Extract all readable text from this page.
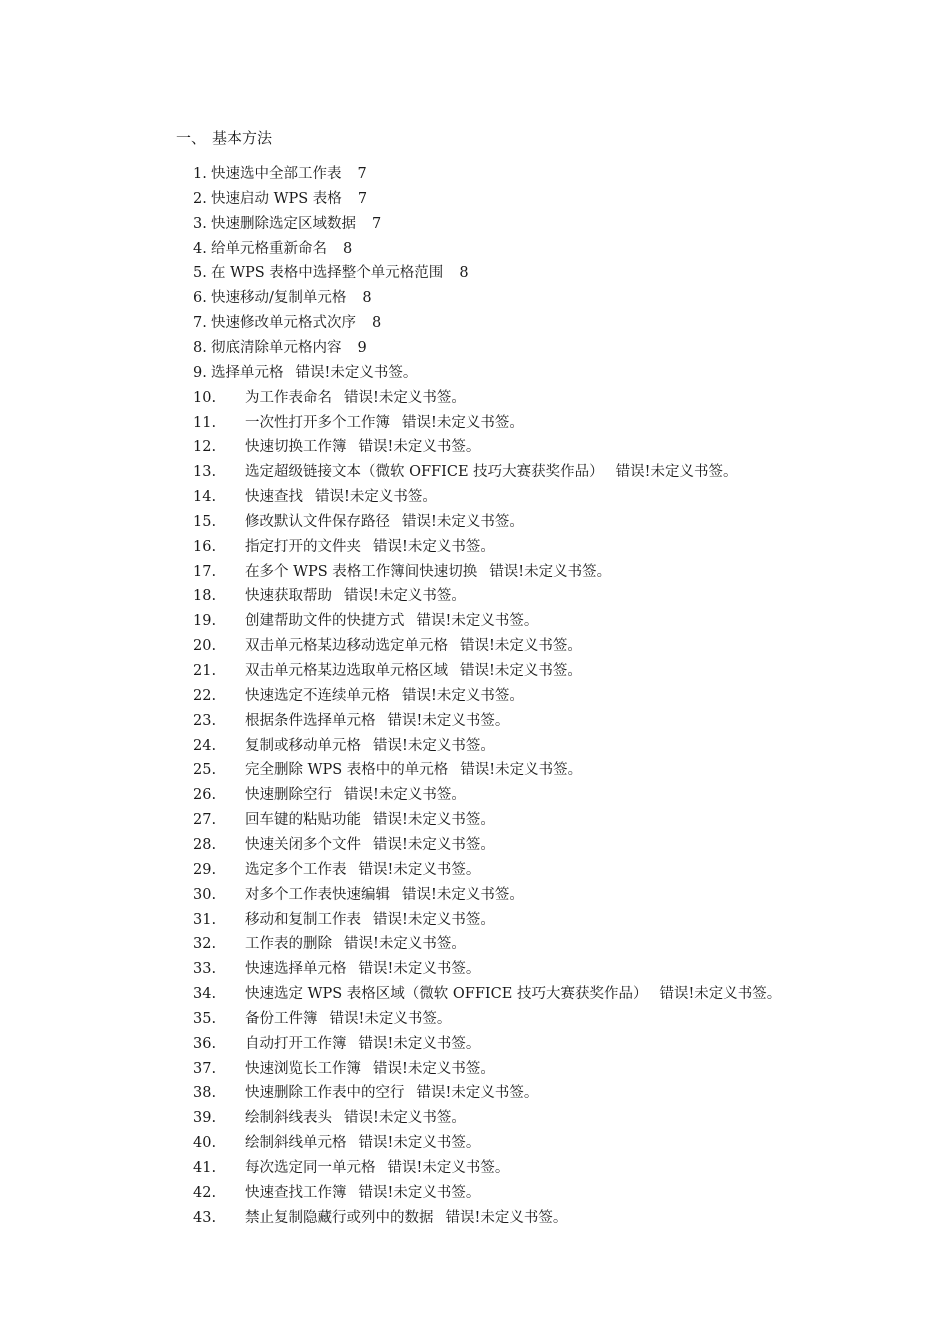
一、 基本方法
1. 快速选中全部工作表 7
2. 快速启动 WPS 表格 7
3. 快速删除选定区域数据 7
4. 给单元格重新命名 8
5. 在 WPS 表格中选择整个单元格范围 8
6. 快速移动/复制单元格 8
7. 快速修改单元格式次序 8
8. 彻底清除单元格内容 9
9. 选择单元格 错误!未定义书签。
10. 为工作表命名 错误!未定义书签。
11. 一次性打开多个工作簿 错误!未定义书签。
12. 快速切换工作簿 错误!未定义书签。
13. 选定超级链接文本（微软 OFFICE 技巧大赛获奖作品） 错误!未定义书签。
14. 快速查找 错误!未定义书签。
15. 修改默认文件保存路径 错误!未定义书签。
16. 指定打开的文件夹 错误!未定义书签。
17. 在多个 WPS 表格工作簿间快速切换 错误!未定义书签。
18. 快速获取帮助 错误!未定义书签。
19. 创建帮助文件的快捷方式 错误!未定义书签。
20. 双击单元格某边移动选定单元格 错误!未定义书签。
21. 双击单元格某边选取单元格区域 错误!未定义书签。
22. 快速选定不连续单元格 错误!未定义书签。
23. 根据条件选择单元格 错误!未定义书签。
24. 复制或移动单元格 错误!未定义书签。
25. 完全删除 WPS 表格中的单元格 错误!未定义书签。
26. 快速删除空行 错误!未定义书签。
27. 回车键的粘贴功能 错误!未定义书签。
28. 快速关闭多个文件 错误!未定义书签。
29. 选定多个工作表 错误!未定义书签。
30. 对多个工作表快速编辑 错误!未定义书签。
31. 移动和复制工作表 错误!未定义书签。
32. 工作表的删除 错误!未定义书签。
33. 快速选择单元格 错误!未定义书签。
34. 快速选定 WPS 表格区域（微软 OFFICE 技巧大赛获奖作品） 错误!未定义书签。
35. 备份工件簿 错误!未定义书签。
36. 自动打开工作簿 错误!未定义书签。
37. 快速浏览长工作簿 错误!未定义书签。
38. 快速删除工作表中的空行 错误!未定义书签。
39. 绘制斜线表头 错误!未定义书签。
40. 绘制斜线单元格 错误!未定义书签。
41. 每次选定同一单元格 错误!未定义书签。
42. 快速查找工作簿 错误!未定义书签。
43. 禁止复制隐藏行或列中的数据 错误!未定义书签。
